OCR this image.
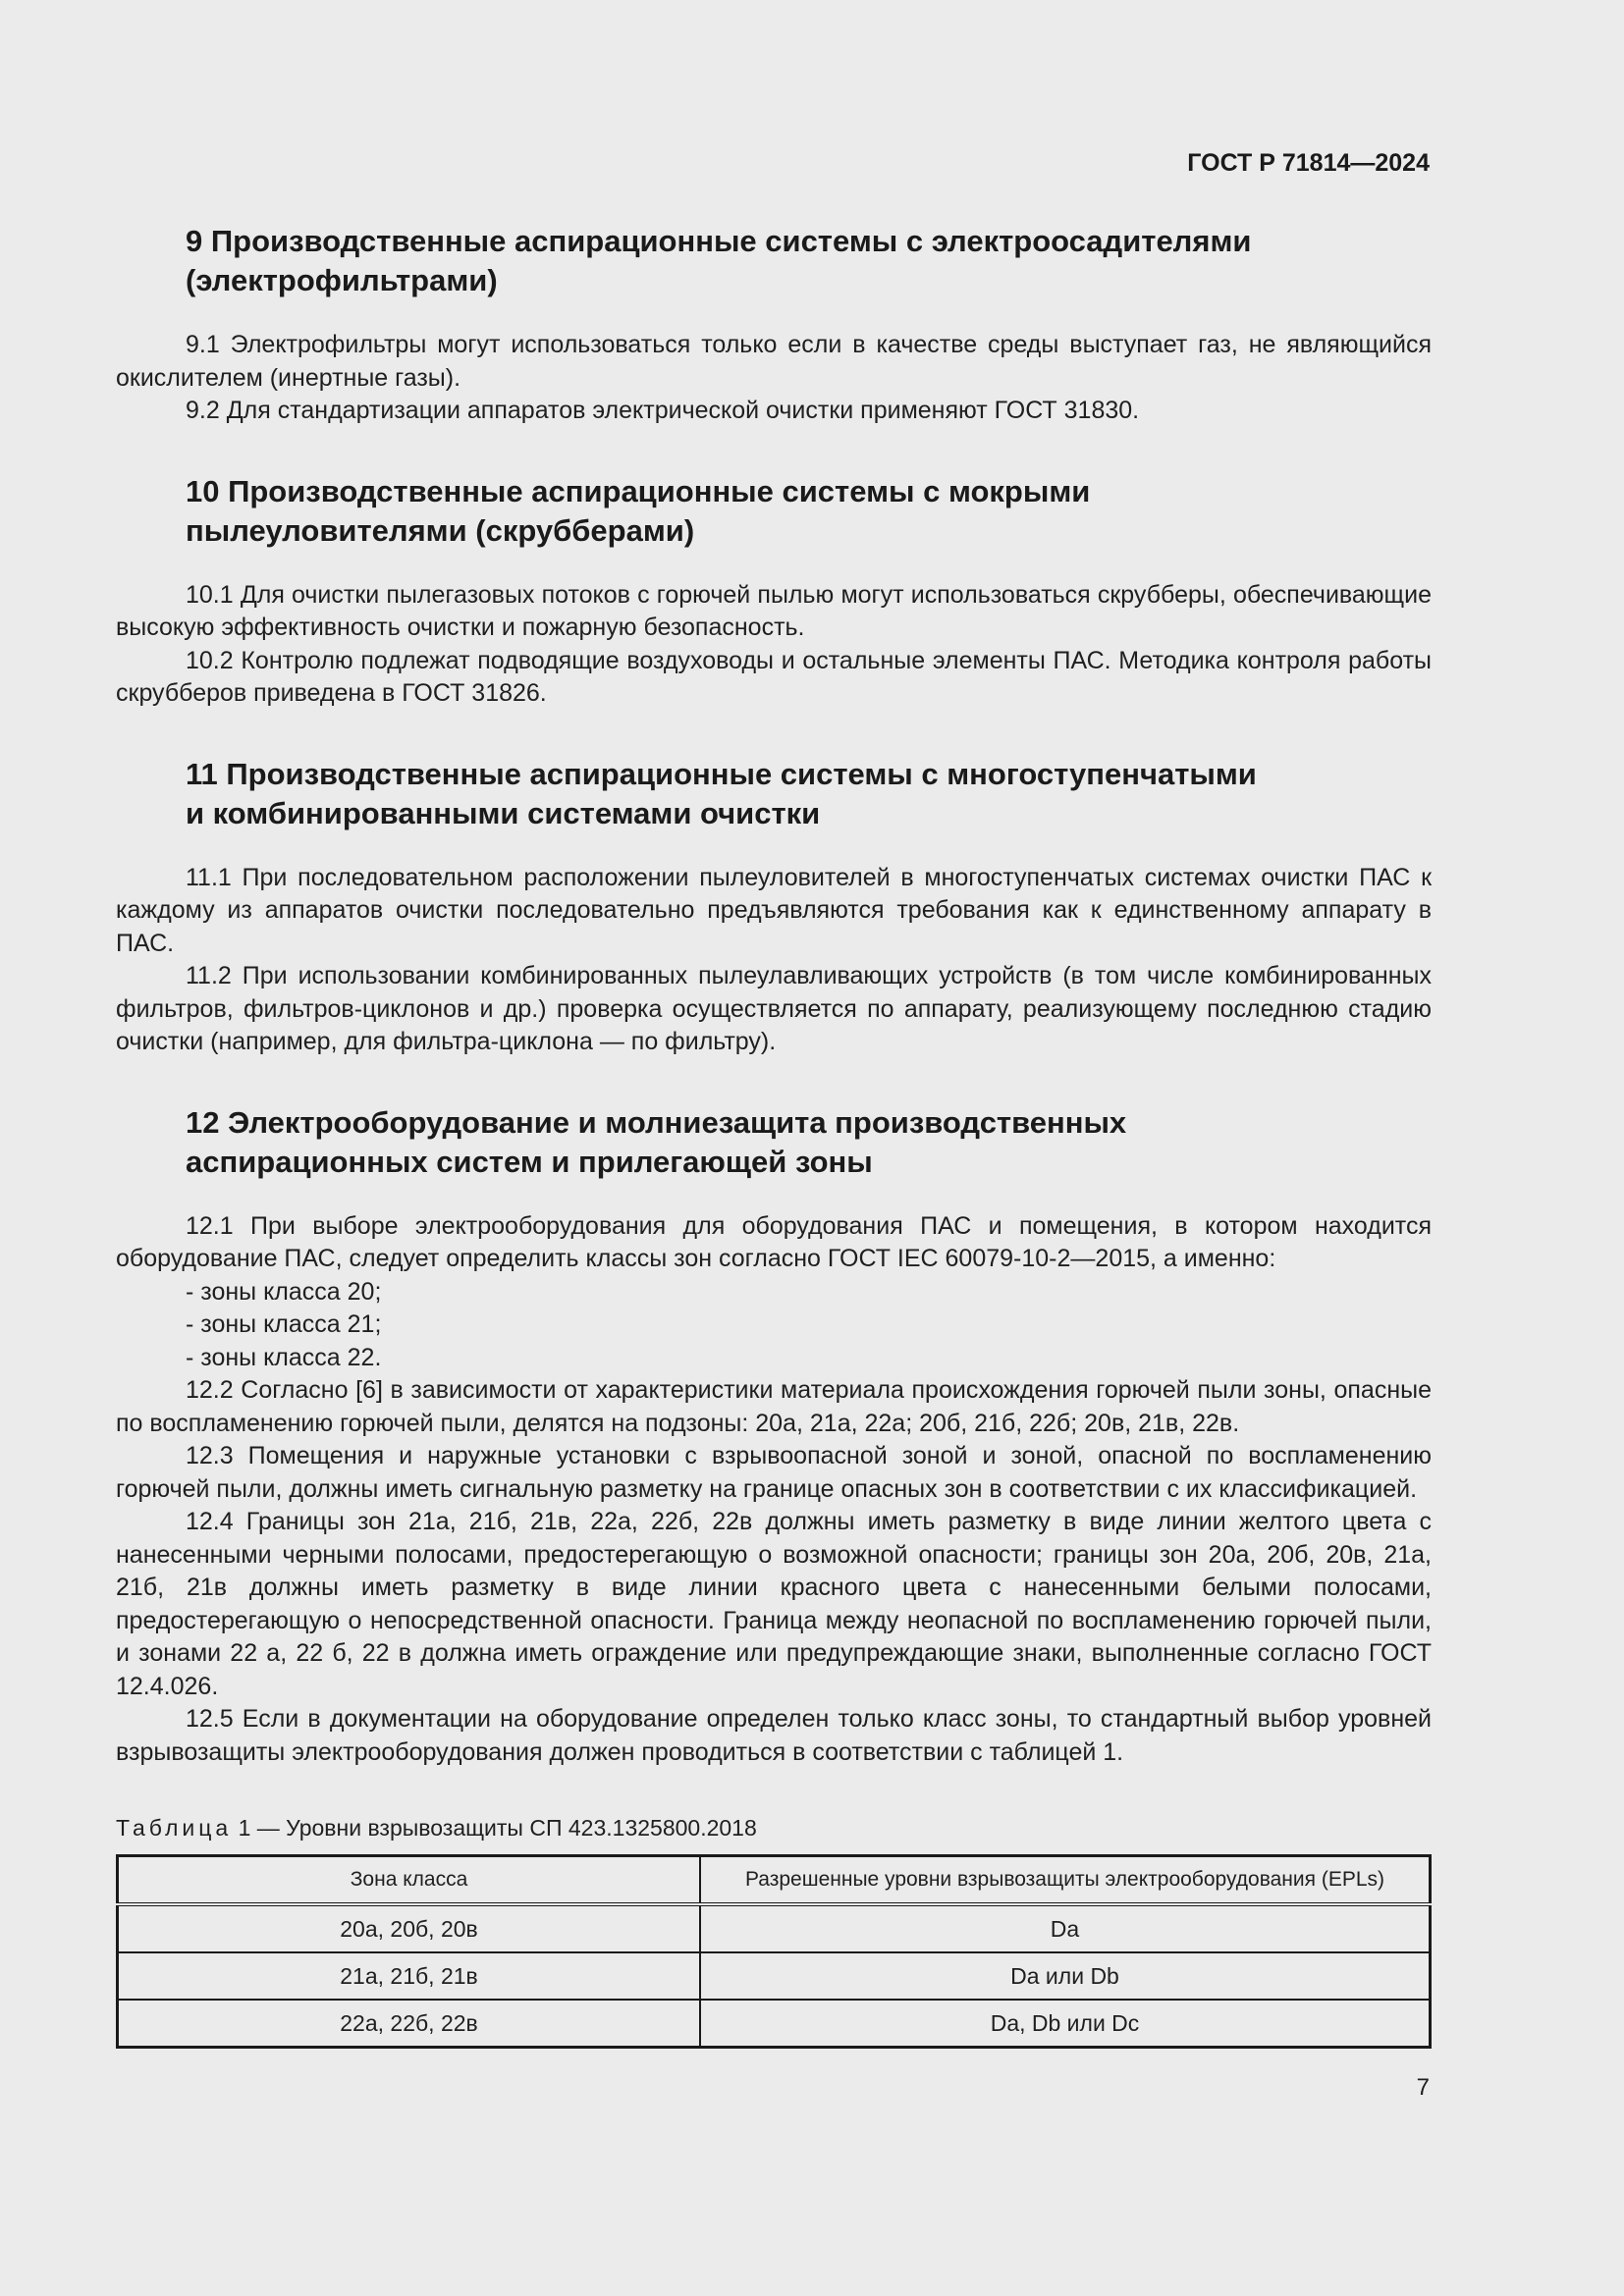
ГОСТ Р 71814—2024
9 Производственные аспирационные системы с электроосадителями
(электрофильтрами)

9.1 Электрофильтры могут использоваться только если в качестве среды выступает газ, не являющийся окислителем (инертные газы).

9.2 Для стандартизации аппаратов электрической очистки применяют ГОСТ 31830.

10 Производственные аспирационные системы с мокрыми
пылеуловителями (скрубберами)

10.1 Для очистки пылегазовых потоков с горючей пылью могут использоваться скрубберы, обеспечивающие высокую эффективность очистки и пожарную безопасность.

10.2 Контролю подлежат подводящие воздуховоды и остальные элементы ПАС. Методика контроля работы скрубберов приведена в ГОСТ 31826.

11 Производственные аспирационные системы с многоступенчатыми
и комбинированными системами очистки

11.1 При последовательном расположении пылеуловителей в многоступенчатых системах очистки ПАС к каждому из аппаратов очистки последовательно предъявляются требования как к единственному аппарату в ПАС.

11.2 При использовании комбинированных пылеулавливающих устройств (в том числе комбинированных фильтров, фильтров-циклонов и др.) проверка осуществляется по аппарату, реализующему последнюю стадию очистки (например, для фильтра-циклона — по фильтру).

12 Электрооборудование и молниезащита производственных
аспирационных систем и прилегающей зоны

12.1 При выборе электрооборудования для оборудования ПАС и помещения, в котором находится оборудование ПАС, следует определить классы зон согласно ГОСТ IEC 60079-10-2—2015, а именно:

- зоны класса 20;

- зоны класса 21;

- зоны класса 22.

12.2 Согласно [6] в зависимости от характеристики материала происхождения горючей пыли зоны, опасные по воспламенению горючей пыли, делятся на подзоны: 20а, 21а, 22а; 20б, 21б, 22б; 20в, 21в, 22в.

12.3 Помещения и наружные установки с взрывоопасной зоной и зоной, опасной по воспламенению горючей пыли, должны иметь сигнальную разметку на границе опасных зон в соответствии с их классификацией.

12.4 Границы зон 21а, 21б, 21в, 22а, 22б, 22в должны иметь разметку в виде линии желтого цвета с нанесенными черными полосами, предостерегающую о возможной опасности; границы зон 20а, 20б, 20в, 21а, 21б, 21в должны иметь разметку в виде линии красного цвета с нанесенными белыми полосами, предостерегающую о непосредственной опасности. Граница между неопасной по воспламенению горючей пыли, и зонами 22 а, 22 б, 22 в должна иметь ограждение или предупреждающие знаки, выполненные согласно ГОСТ 12.4.026.

12.5 Если в документации на оборудование определен только класс зоны, то стандартный выбор уровней взрывозащиты электрооборудования должен проводиться в соответствии с таблицей 1.

Таблица 1 — Уровни взрывозащиты СП 423.1325800.2018
Зона класса	Разрешенные уровни взрывозащиты электрооборудования (EPLs)
20а, 20б, 20в	Da
21а, 21б, 21в	Da или Db
22а, 22б, 22в	Da, Db или Dc
7
